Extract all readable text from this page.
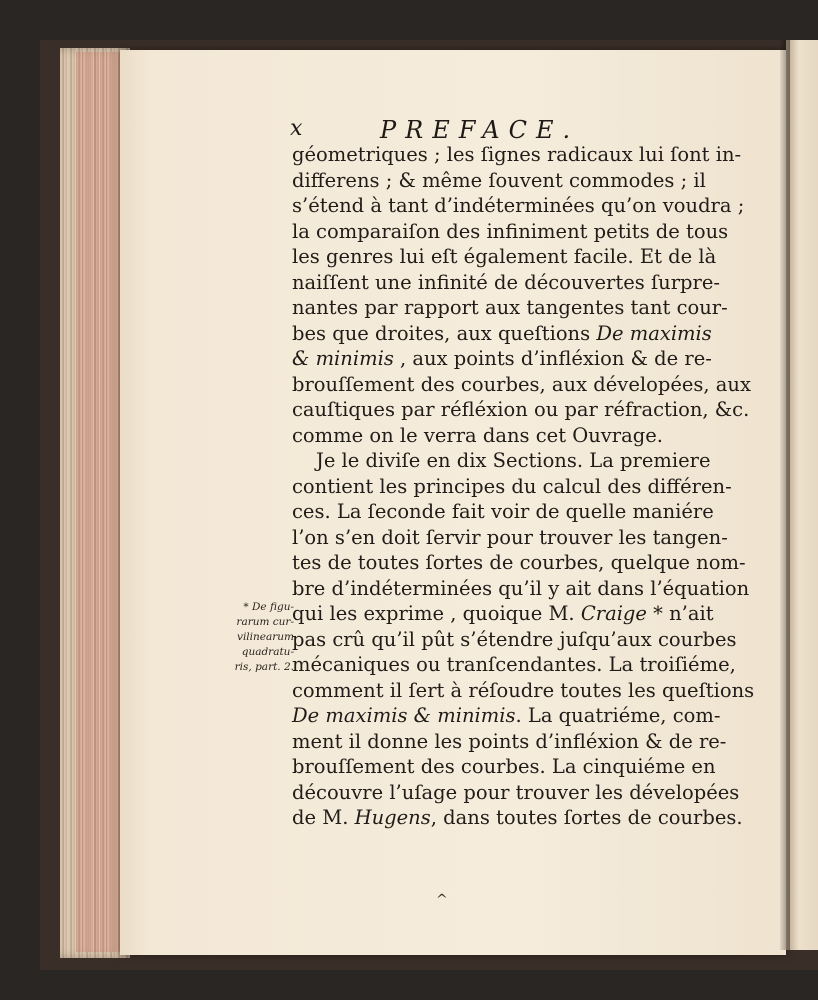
x	PREFACE.
géometriques ; les ſignes radicaux lui ſont in-
differens ; & même ſouvent commodes ; il
s’étend à tant d’indéterminées qu’on voudra ;
la comparaiſon des infiniment petits de tous
les genres lui eſt également facile. Et de là
naiſſent une infinité de découvertes ſurpre-
nantes par rapport aux tangentes tant cour-
bes que droites, aux queſtions De maximis
& minimis , aux points d’infléxion & de re-
brouſſement des courbes, aux dévelopées, aux
cauſtiques par réfléxion ou par réfraction, &c.
comme on le verra dans cet Ouvrage.
Je le diviſe en dix Sections. La premiere
contient les principes du calcul des différen-
ces. La ſeconde fait voir de quelle maniére
l’on s’en doit ſervir pour trouver les tangen-
tes de toutes ſortes de courbes, quelque nom-
bre d’indéterminées qu’il y ait dans l’équation
qui les exprime , quoique M. Craige * n’ait
pas crû qu’il pût s’étendre juſqu’aux courbes
mécaniques ou tranſcendantes. La troiſiéme,
comment il ſert à réſoudre toutes les queſtions
De maximis & minimis. La quatriéme, com-
ment il donne les points d’infléxion & de re-
brouſſement des courbes. La cinquiéme en
découvre l’uſage pour trouver les dévelopées
de M. Hugens, dans toutes ſortes de courbes.
* De figu-
rarum cur-
vilinearum
quadratu-
ris, part. 2.
^
